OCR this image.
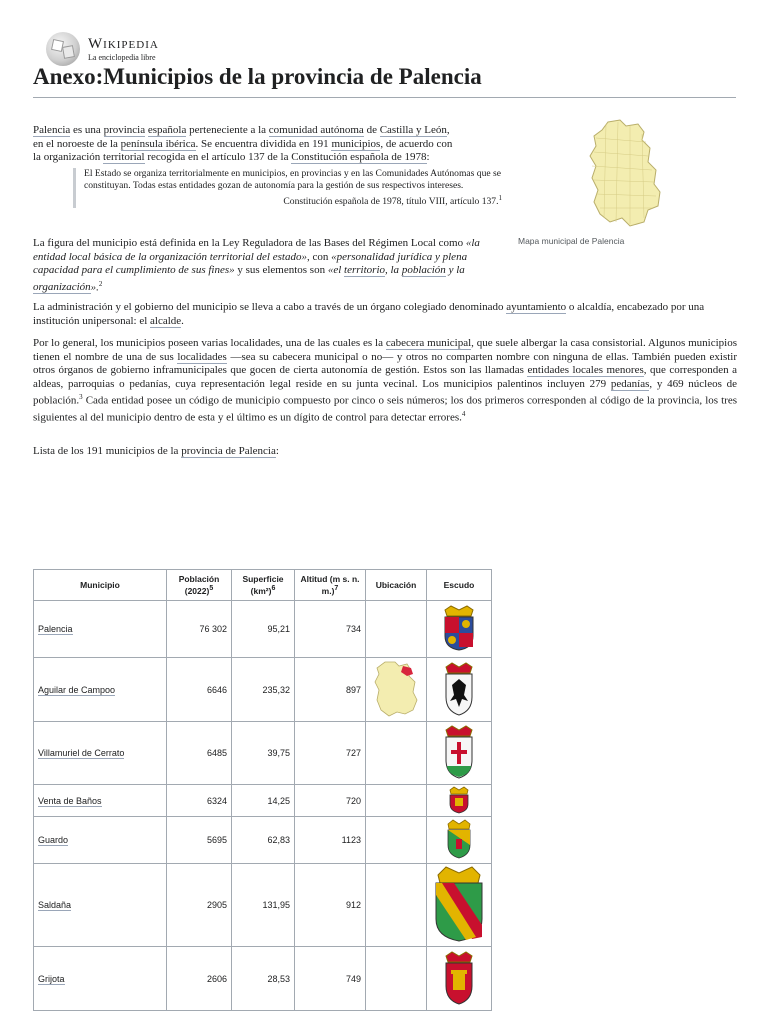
Wikipedia
La enciclopedia libre
Anexo:Municipios de la provincia de Palencia
Palencia es una provincia española perteneciente a la comunidad autónoma de Castilla y León,
en el noroeste de la península ibérica. Se encuentra dividida en 191 municipios, de acuerdo con
la organización territorial recogida en el artículo 137 de la Constitución española de 1978:
El Estado se organiza territorialmente en municipios, en provincias y en las Comunidades Autónomas que se constituyan. Todas estas entidades gozan de autonomía para la gestión de sus respectivos intereses.
Constitución española de 1978, título VIII, artículo 137.$^1$
Mapa municipal de Palencia
La figura del municipio está definida en la Ley Reguladora de las Bases del Régimen Local como «la entidad local básica de la organización territorial del estado», con «personalidad jurídica y plena capacidad para el cumplimiento de sus fines» y sus elementos son «el territorio, la población y la organización».$^2$
La administración y el gobierno del municipio se lleva a cabo a través de un órgano colegiado denominado ayuntamiento o alcaldía, encabezado por una institución unipersonal: el alcalde.
Por lo general, los municipios poseen varias localidades, una de las cuales es la cabecera municipal, que suele albergar la casa consistorial. Algunos municipios tienen el nombre de una de sus localidades —sea su cabecera municipal o no— y otros no comparten nombre con ninguna de ellas. También pueden existir otros órganos de gobierno inframunicipales que gocen de cierta autonomía de gestión. Estos son las llamadas entidades locales menores, que corresponden a aldeas, parroquias o pedanías, cuya representación legal reside en su junta vecinal. Los municipios palentinos incluyen 279 pedanías, y 469 núcleos de población.$^3$ Cada entidad posee un código de municipio compuesto por cinco o seis números; los dos primeros corresponden al código de la provincia, los tres siguientes al del municipio dentro de esta y el último es un dígito de control para detectar errores.$^4$
Lista de los 191 municipios de la provincia de Palencia:
Municipio	Población (2022)$^5$	Superficie (km²)$^6$	Altitud (m s. n. m.)$^7$	Ubicación	Escudo
Palencia	76 302	95,21	734		
Aguilar de Campoo	6646	235,32	897		
Villamuriel de Cerrato	6485	39,75	727		
Venta de Baños	6324	14,25	720		
Guardo	5695	62,83	1123		
Saldaña	2905	131,95	912		
Grijota	2606	28,53	749		
